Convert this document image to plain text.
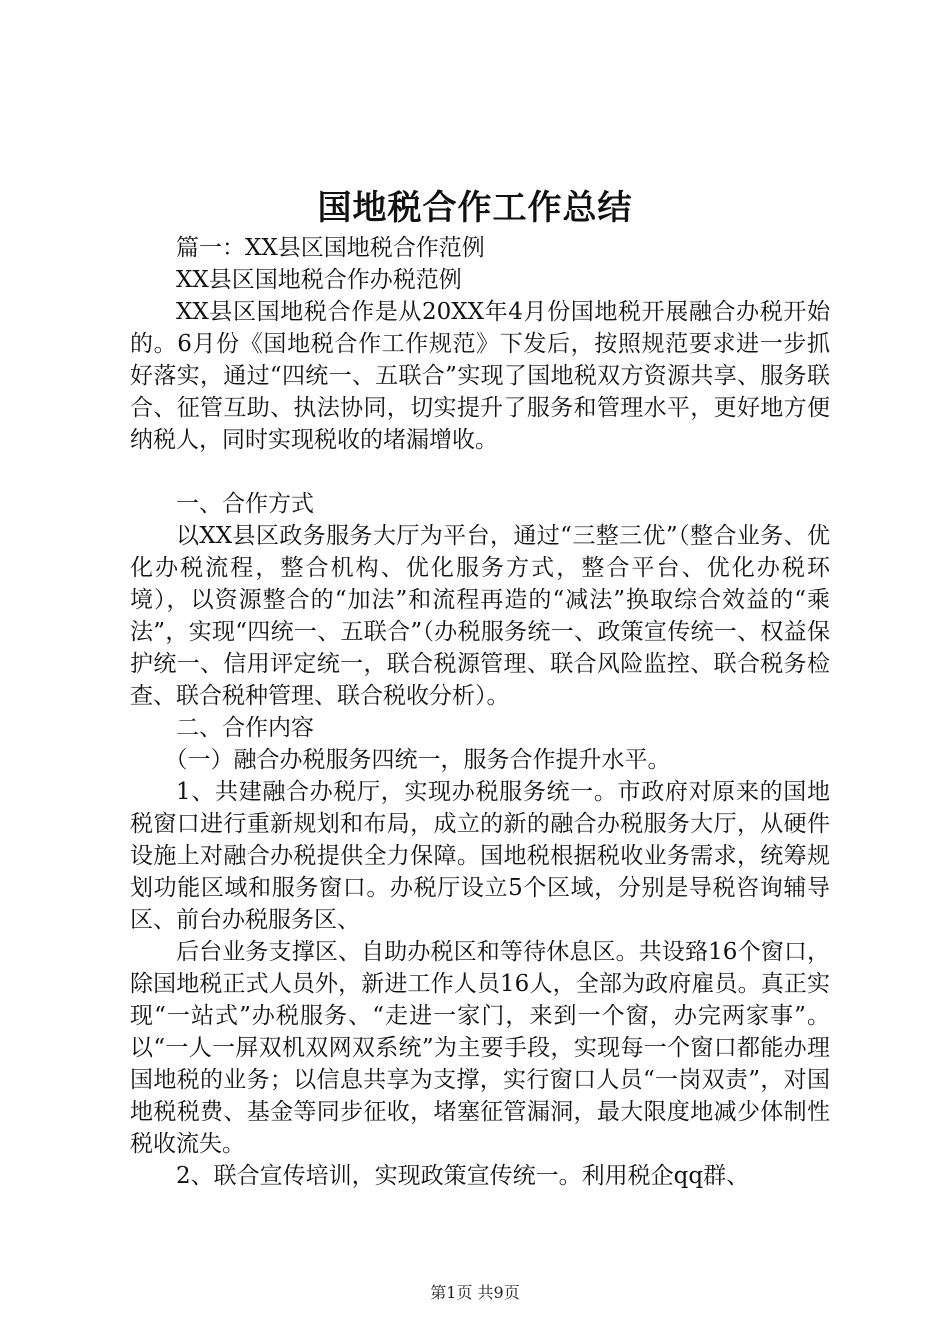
国地税合作工作总结

篇一：XX县区国地税合作范例

XX县区国地税合作办税范例

XX县区国地税合作是从20XX年4月份国地税开展融合办税开始的。6月份《国地税合作工作规范》下发后，按照规范要求进一步抓好落实，通过“四统一、五联合”实现了国地税双方资源共享、服务联合、征管互助、执法协同，切实提升了服务和管理水平，更好地方便纳税人，同时实现税收的堵漏增收。

一、合作方式

以XX县区政务服务大厅为平台，通过“三整三优”（整合业务、优化办税流程，整合机构、优化服务方式，整合平台、优化办税环境），以资源整合的“加法”和流程再造的“减法”换取综合效益的“乘法”，实现“四统一、五联合”（办税服务统一、政策宣传统一、权益保护统一、信用评定统一，联合税源管理、联合风险监控、联合税务检查、联合税种管理、联合税收分析）。

二、合作内容

（一）融合办税服务四统一，服务合作提升水平。

1、共建融合办税厅，实现办税服务统一。市政府对原来的国地税窗口进行重新规划和布局，成立的新的融合办税服务大厅，从硬件设施上对融合办税提供全力保障。国地税根据税收业务需求，统筹规划功能区域和服务窗口。办税厅设立5个区域，分别是导税咨询辅导区、前台办税服务区、

后台业务支撑区、自助办税区和等待休息区。共设臵16个窗口，除国地税正式人员外，新进工作人员16人，全部为政府雇员。真正实现“一站式”办税服务、“走进一家门，来到一个窗，办完两家事”。以“一人一屏双机双网双系统”为主要手段，实现每一个窗口都能办理国地税的业务；以信息共享为支撑，实行窗口人员“一岗双责”，对国地税税费、基金等同步征收，堵塞征管漏洞，最大限度地减少体制性税收流失。

2、联合宣传培训，实现政策宣传统一。利用税企qq群、

第1页 共9页
